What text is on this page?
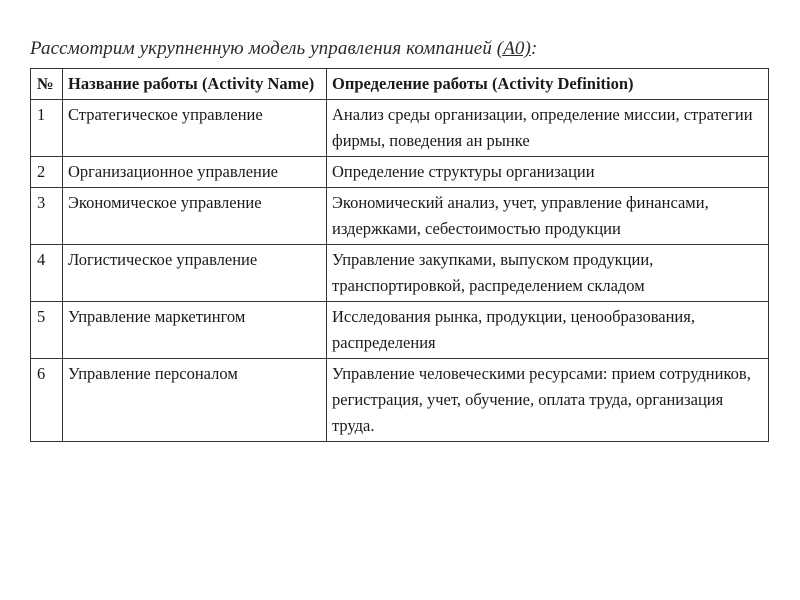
Рассмотрим укрупненную модель управления компанией (A0):
№	Название работы (Activity Name)	Определение работы (Activity Definition)
1	Стратегическое управление	Анализ среды организации, определение миссии, стратегии фирмы, поведения ан рынке
2	Организационное управление	Определение структуры организации
3	Экономическое управление	Экономический анализ, учет, управление финансами, издержками, себестоимостью продукции
4	Логистическое управление	Управление закупками, выпуском продукции, транспортировкой, распределением складом
5	Управление маркетингом	Исследования рынка, продукции, ценообразования, распределения
6	Управление персоналом	Управление человеческими ресурсами: прием сотрудников, регистрация, учет, обучение, оплата труда, организация труда.
